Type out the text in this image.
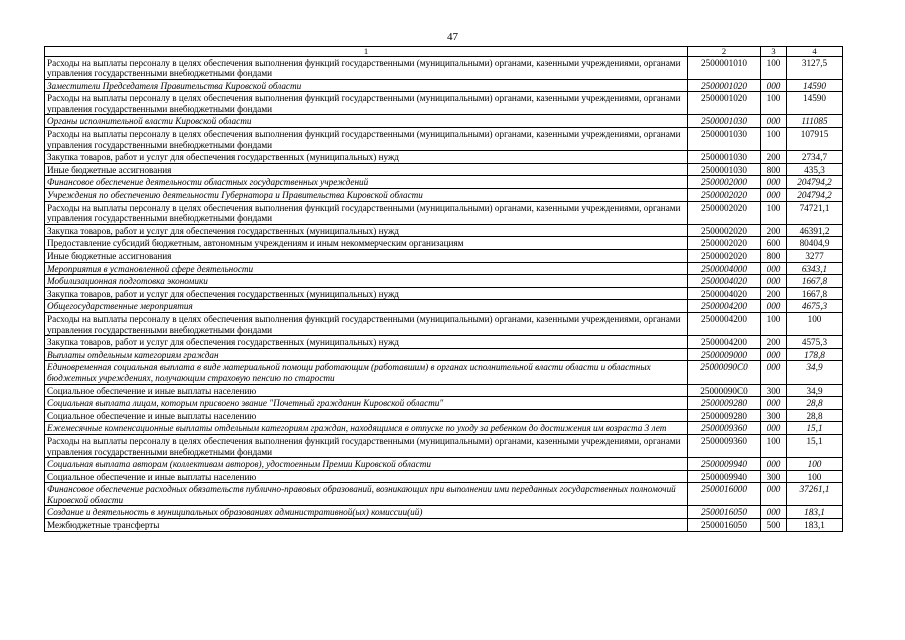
47
1	2	3	4
Расходы на выплаты персоналу в целях обеспечения выполнения функций государственными (муниципальными) органами, казенными учреждениями, органами управления государственными внебюджетными фондами	2500001010	100	3127,5
Заместители Председателя Правительства Кировской области	2500001020	000	14590
Расходы на выплаты персоналу в целях обеспечения выполнения функций государственными (муниципальными) органами, казенными учреждениями, органами управления государственными внебюджетными фондами	2500001020	100	14590
Органы исполнительной власти Кировской области	2500001030	000	111085
Расходы на выплаты персоналу в целях обеспечения выполнения функций государственными (муниципальными) органами, казенными учреждениями, органами управления государственными внебюджетными фондами	2500001030	100	107915
Закупка товаров, работ и услуг для обеспечения государственных (муниципальных) нужд	2500001030	200	2734,7
Иные бюджетные ассигнования	2500001030	800	435,3
Финансовое обеспечение деятельности областных государственных учреждений	2500002000	000	204794,2
Учреждения по обеспечению деятельности Губернатора и Правительства Кировской области	2500002020	000	204794,2
Расходы на выплаты персоналу в целях обеспечения выполнения функций государственными (муниципальными) органами, казенными учреждениями, органами управления государственными внебюджетными фондами	2500002020	100	74721,1
Закупка товаров, работ и услуг для обеспечения государственных (муниципальных) нужд	2500002020	200	46391,2
Предоставление субсидий бюджетным, автономным учреждениям и иным некоммерческим организациям	2500002020	600	80404,9
Иные бюджетные ассигнования	2500002020	800	3277
Мероприятия в установленной сфере деятельности	2500004000	000	6343,1
Мобилизационная подготовка экономики	2500004020	000	1667,8
Закупка товаров, работ и услуг для обеспечения государственных (муниципальных) нужд	2500004020	200	1667,8
Общегосударственные мероприятия	2500004200	000	4675,3
Расходы на выплаты персоналу в целях обеспечения выполнения функций государственными (муниципальными) органами, казенными учреждениями, органами управления государственными внебюджетными фондами	2500004200	100	100
Закупка товаров, работ и услуг для обеспечения государственных (муниципальных) нужд	2500004200	200	4575,3
Выплаты отдельным категориям граждан	2500009000	000	178,8
Единовременная социальная выплата в виде материальной помощи работающим (работавшим) в органах исполнительной власти области и областных бюджетных учреждениях, получающим страховую пенсию по старости	25000090С0	000	34,9
Социальное обеспечение и иные выплаты населению	25000090С0	300	34,9
Социальная выплата лицам, которым присвоено звание "Почетный гражданин Кировской области"	2500009280	000	28,8
Социальное обеспечение и иные выплаты населению	2500009280	300	28,8
Ежемесячные компенсационные выплаты отдельным категориям граждан, находящимся в отпуске по уходу за ребенком до достижения им возраста 3 лет	2500009360	000	15,1
Расходы на выплаты персоналу в целях обеспечения выполнения функций государственными (муниципальными) органами, казенными учреждениями, органами управления государственными внебюджетными фондами	2500009360	100	15,1
Социальная выплата авторам (коллективам авторов), удостоенным Премии Кировской области	2500009940	000	100
Социальное обеспечение и иные выплаты населению	2500009940	300	100
Финансовое обеспечение расходных обязательств публично-правовых образований, возникающих при выполнении ими переданных государственных полномочий Кировской области	2500016000	000	37261,1
Создание и деятельность в муниципальных образованиях административной(ых) комиссии(ий)	2500016050	000	183,1
Межбюджетные трансферты	2500016050	500	183,1
